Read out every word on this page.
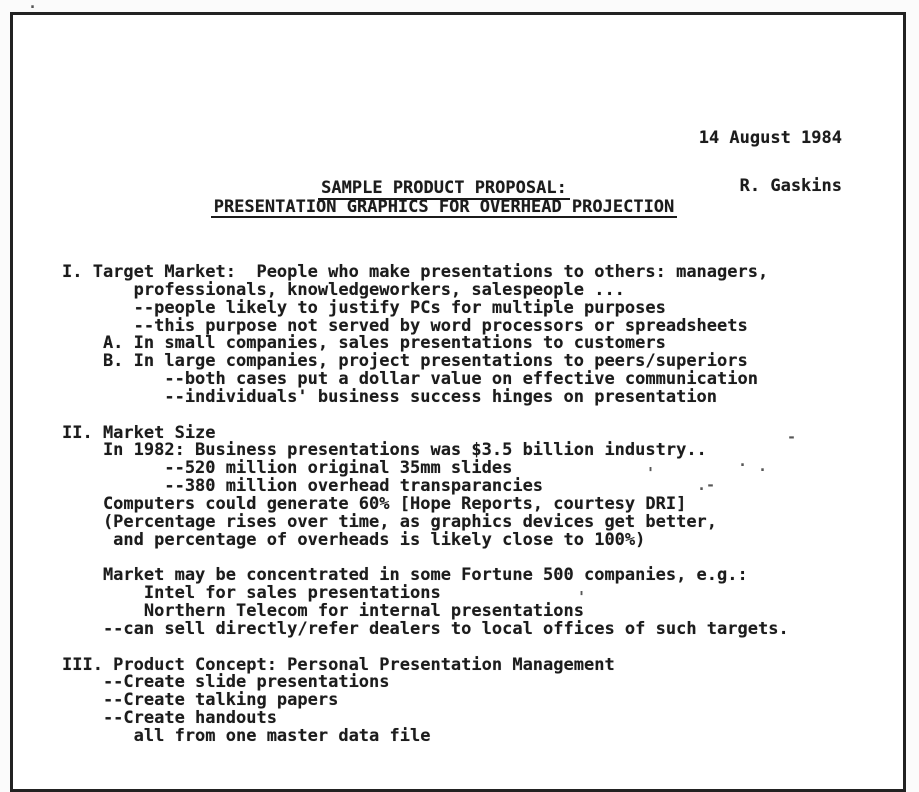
14 August 1984

R. Gaskins

SAMPLE PRODUCT PROPOSAL:
PRESENTATION GRAPHICS FOR OVERHEAD PROJECTION
I. Target Market:  People who make presentations to others: managers,
professionals, knowledgeworkers, salespeople ...
--people likely to justify PCs for multiple purposes
--this purpose not served by word processors or spreadsheets
A. In small companies, sales presentations to customers
B. In large companies, project presentations to peers/superiors
--both cases put a dollar value on effective communication
--individuals' business success hinges on presentation

II. Market Size
In 1982: Business presentations was $3.5 billion industry..
--520 million original 35mm slides
--380 million overhead transparancies
Computers could generate 60% [Hope Reports, courtesy DRI]
(Percentage rises over time, as graphics devices get better,
and percentage of overheads is likely close to 100%)

Market may be concentrated in some Fortune 500 companies, e.g.:
Intel for sales presentations
Northern Telecom for internal presentations
--can sell directly/refer dealers to local offices of such targets.

III. Product Concept: Personal Presentation Management
--Create slide presentations
--Create talking papers
--Create handouts
all from one master data file
-
. .
'
.-
'
.
